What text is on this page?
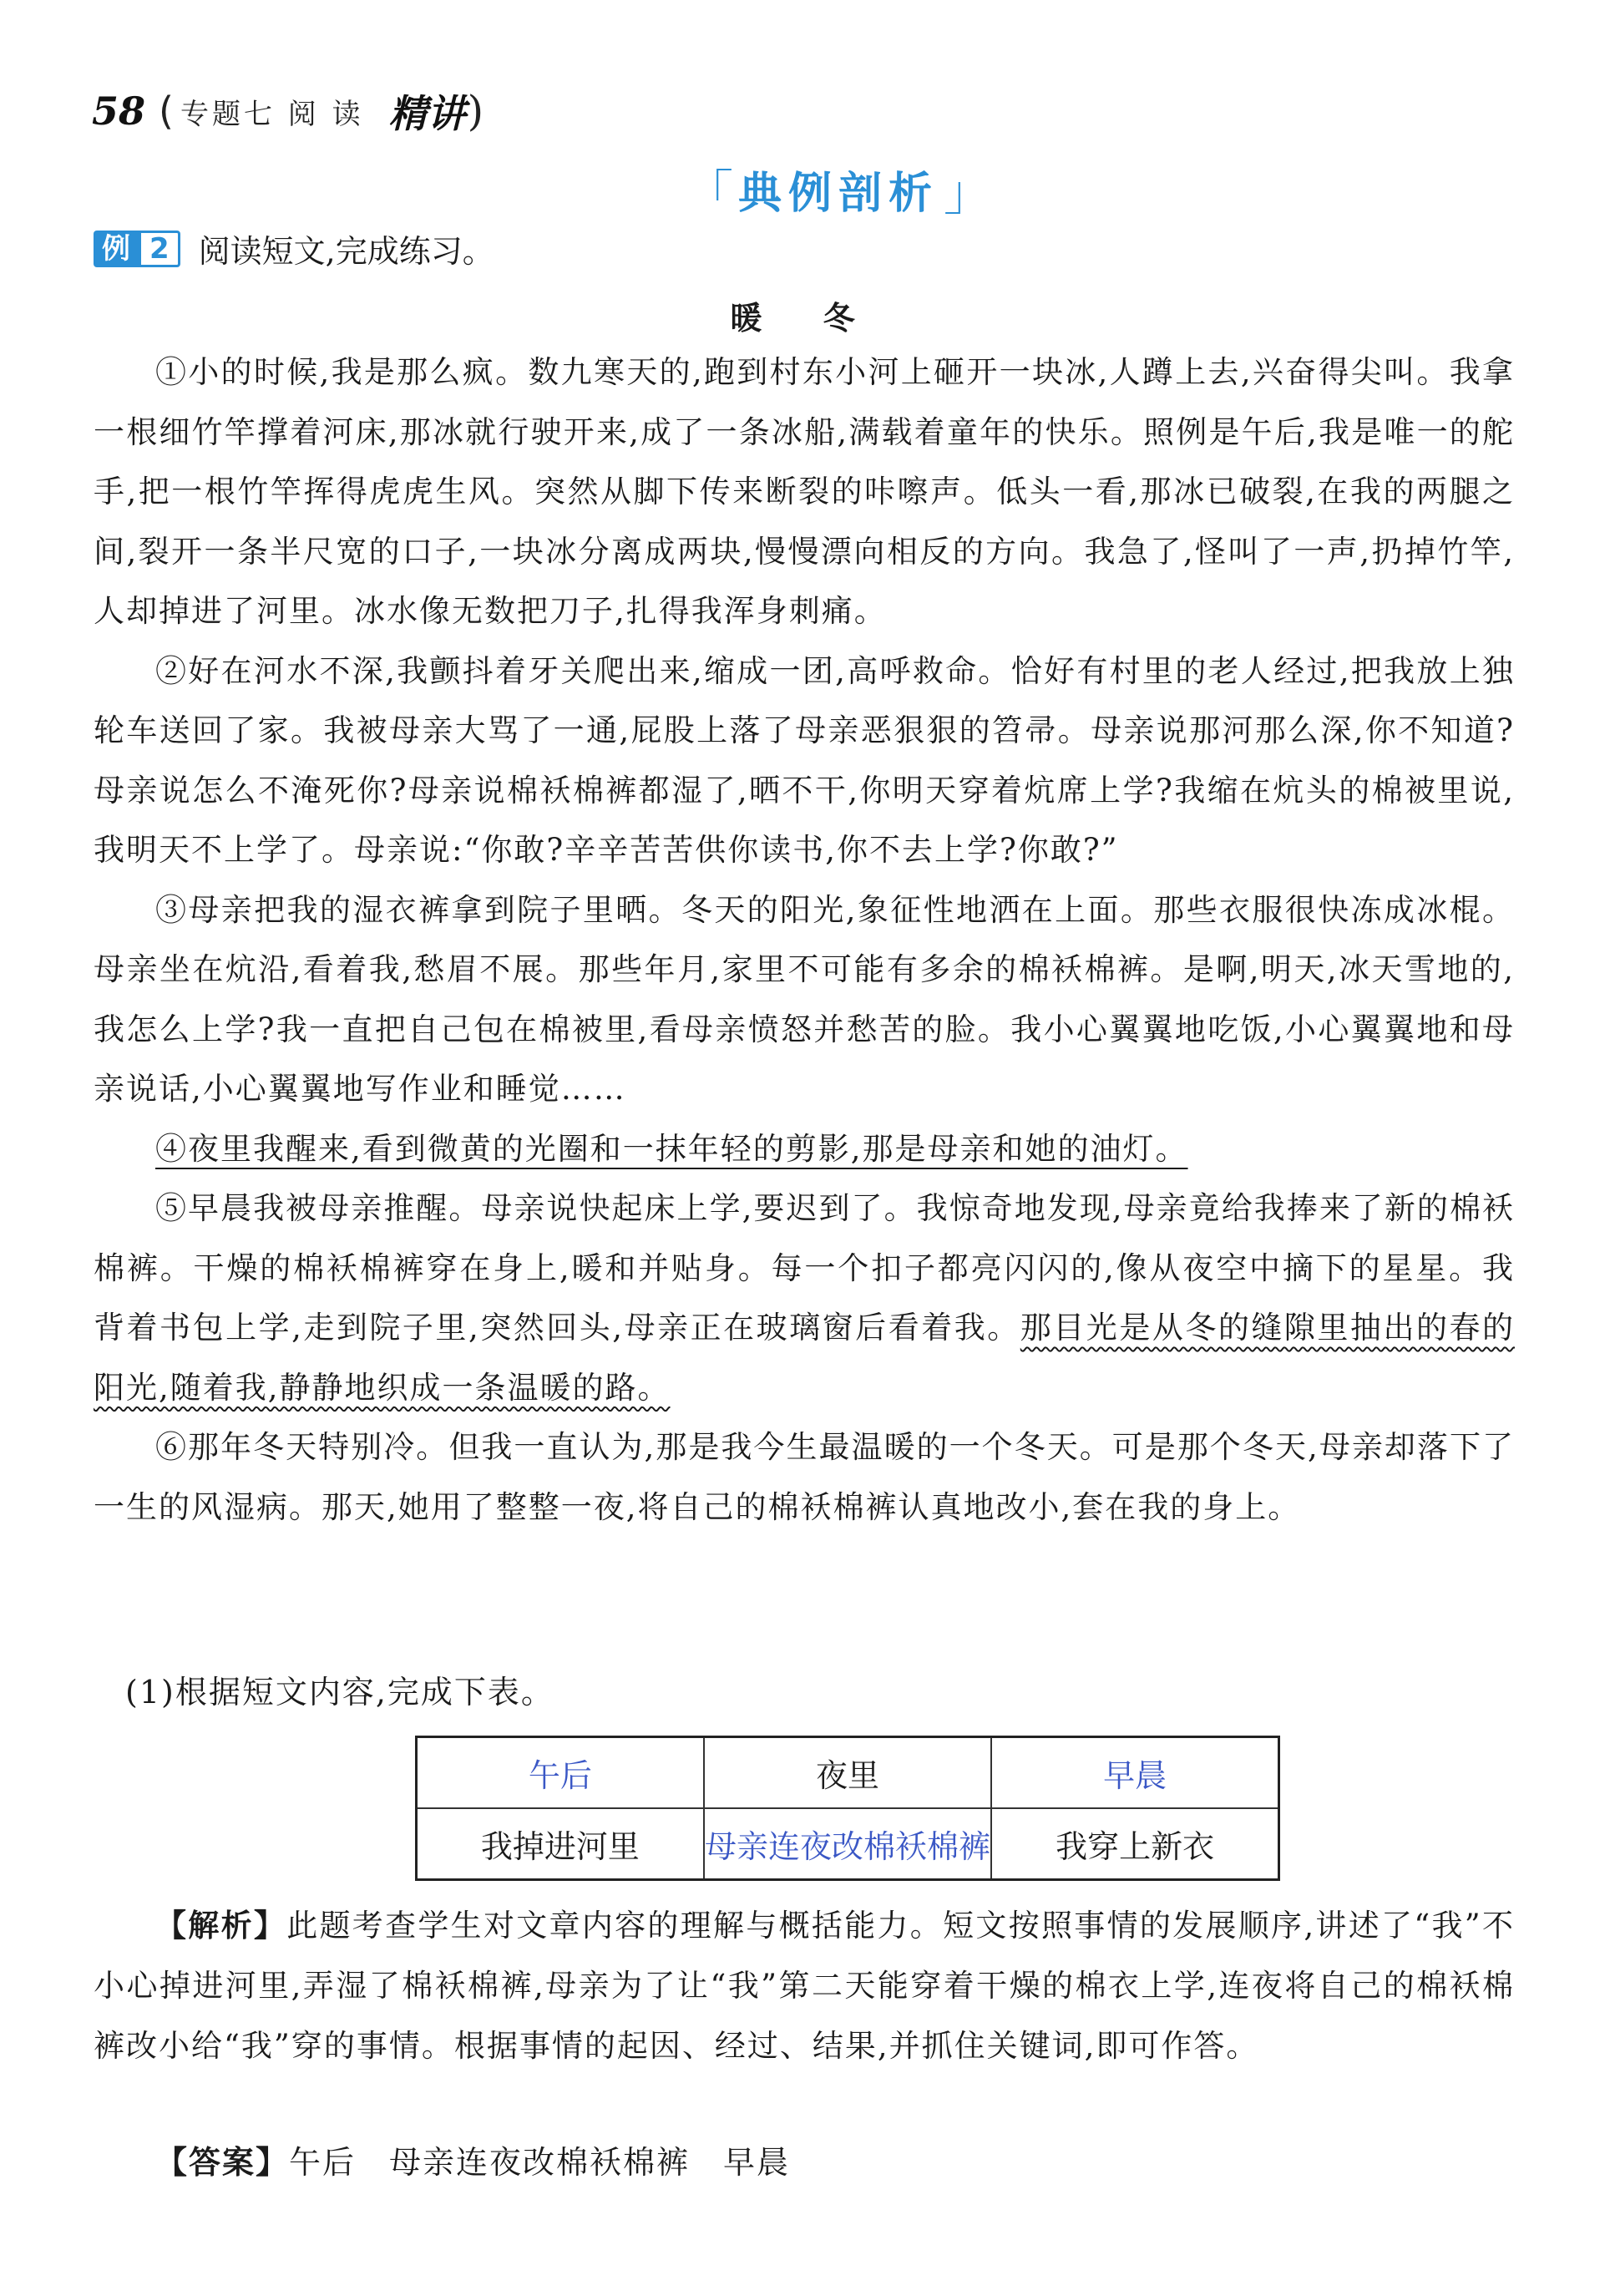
58 ( 专题七 阅 读 精讲 )
「 典例剖析 」
例 2 阅读短文,完成练习。
暖 冬

①小的时候,我是那么疯。数九寒天的,跑到村东小河上砸开一块冰,人蹲上去,兴奋得尖叫。我拿一根细竹竿撑着河床,那冰就行驶开来,成了一条冰船,满载着童年的快乐。照例是午后,我是唯一的舵手,把一根竹竿挥得虎虎生风。突然从脚下传来断裂的咔嚓声。低头一看,那冰已破裂,在我的两腿之间,裂开一条半尺宽的口子,一块冰分离成两块,慢慢漂向相反的方向。我急了,怪叫了一声,扔掉竹竿,人却掉进了河里。冰水像无数把刀子,扎得我浑身刺痛。

②好在河水不深,我颤抖着牙关爬出来,缩成一团,高呼救命。恰好有村里的老人经过,把我放上独轮车送回了家。我被母亲大骂了一通,屁股上落了母亲恶狠狠的笤帚。母亲说那河那么深,你不知道?母亲说怎么不淹死你?母亲说棉袄棉裤都湿了,晒不干,你明天穿着炕席上学?我缩在炕头的棉被里说,我明天不上学了。母亲说:“你敢?辛辛苦苦供你读书,你不去上学?你敢?”

③母亲把我的湿衣裤拿到院子里晒。冬天的阳光,象征性地洒在上面。那些衣服很快冻成冰棍。母亲坐在炕沿,看着我,愁眉不展。那些年月,家里不可能有多余的棉袄棉裤。是啊,明天,冰天雪地的,我怎么上学?我一直把自己包在棉被里,看母亲愤怒并愁苦的脸。我小心翼翼地吃饭,小心翼翼地和母亲说话,小心翼翼地写作业和睡觉……

④夜里我醒来,看到微黄的光圈和一抹年轻的剪影,那是母亲和她的油灯。

⑤早晨我被母亲推醒。母亲说快起床上学,要迟到了。我惊奇地发现,母亲竟给我捧来了新的棉袄棉裤。干燥的棉袄棉裤穿在身上,暖和并贴身。每一个扣子都亮闪闪的,像从夜空中摘下的星星。我背着书包上学,走到院子里,突然回头,母亲正在玻璃窗后看着我。那目光是从冬的缝隙里抽出的春的阳光,随着我,静静地织成一条温暖的路。

⑥那年冬天特别冷。但我一直认为,那是我今生最温暖的一个冬天。可是那个冬天,母亲却落下了一生的风湿病。那天,她用了整整一夜,将自己的棉袄棉裤认真地改小,套在我的身上。

(1)根据短文内容,完成下表。
午后	夜里	早晨
我掉进河里	母亲连夜改棉袄棉裤	我穿上新衣

【解析】此题考查学生对文章内容的理解与概括能力。短文按照事情的发展顺序,讲述了“我”不小心掉进河里,弄湿了棉袄棉裤,母亲为了让“我”第二天能穿着干燥的棉衣上学,连夜将自己的棉袄棉裤改小给“我”穿的事情。根据事情的起因、经过、结果,并抓住关键词,即可作答。

【答案】午后 母亲连夜改棉袄棉裤 早晨
